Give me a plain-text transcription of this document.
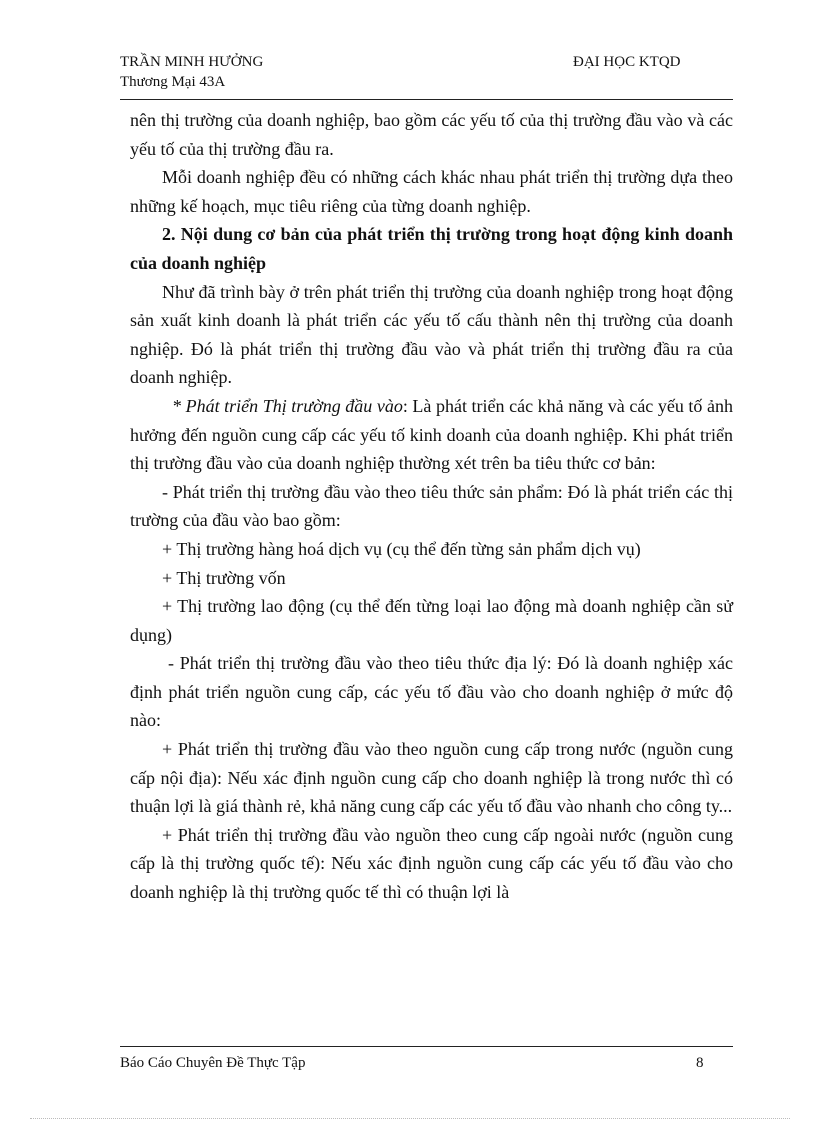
TRẦN MINH HƯỞNG
Thương Mại 43A
ĐẠI HỌC KTQD

nên thị trường của doanh nghiệp, bao gồm các yếu tố của thị trường đầu vào và các yếu tố của thị trường đầu ra.

Mỗi doanh nghiệp đều có những cách khác nhau phát triển thị trường dựa theo những kế hoạch, mục tiêu riêng của từng doanh nghiệp.

2. Nội dung cơ bản của phát triển thị trường trong hoạt động kinh doanh của doanh nghiệp

Như đã trình bày ở trên phát triển thị trường của doanh nghiệp trong hoạt động sản xuất kinh doanh là phát triển các yếu tố cấu thành nên thị trường của doanh nghiệp. Đó là phát triển thị trường đầu vào và phát triển thị trường đầu ra của doanh nghiệp.

* Phát triển Thị trường đầu vào: Là phát triển các khả năng và các yếu tố ảnh hưởng đến nguồn cung cấp các yếu tố kinh doanh của doanh nghiệp. Khi phát triển thị trường đầu vào của doanh nghiệp thường xét trên ba tiêu thức cơ bản:

- Phát triển thị trường đầu vào theo tiêu thức sản phẩm: Đó là phát triển các thị trường của đầu vào bao gồm:

+ Thị trường hàng hoá dịch vụ (cụ thể đến từng sản phẩm dịch vụ)

+ Thị trường vốn

+ Thị trường lao động (cụ thể đến từng loại lao động mà doanh nghiệp cần sử dụng)

- Phát triển thị trường đầu vào theo tiêu thức địa lý: Đó là doanh nghiệp xác định phát triển nguồn cung cấp, các yếu tố đầu vào cho doanh nghiệp ở mức độ nào:

+ Phát triển thị trường đầu vào theo nguồn cung cấp trong nước (nguồn cung cấp nội địa): Nếu xác định nguồn cung cấp cho doanh nghiệp là trong nước thì có thuận lợi là giá thành rẻ, khả năng cung cấp các yếu tố đầu vào nhanh cho công ty...

+ Phát triển thị trường đầu vào nguồn theo cung cấp ngoài nước (nguồn cung cấp là thị trường quốc tế): Nếu xác định nguồn cung cấp các yếu tố đầu vào cho doanh nghiệp là thị trường quốc tế thì có thuận lợi là

Báo Cáo Chuyên Đề Thực Tập	8
